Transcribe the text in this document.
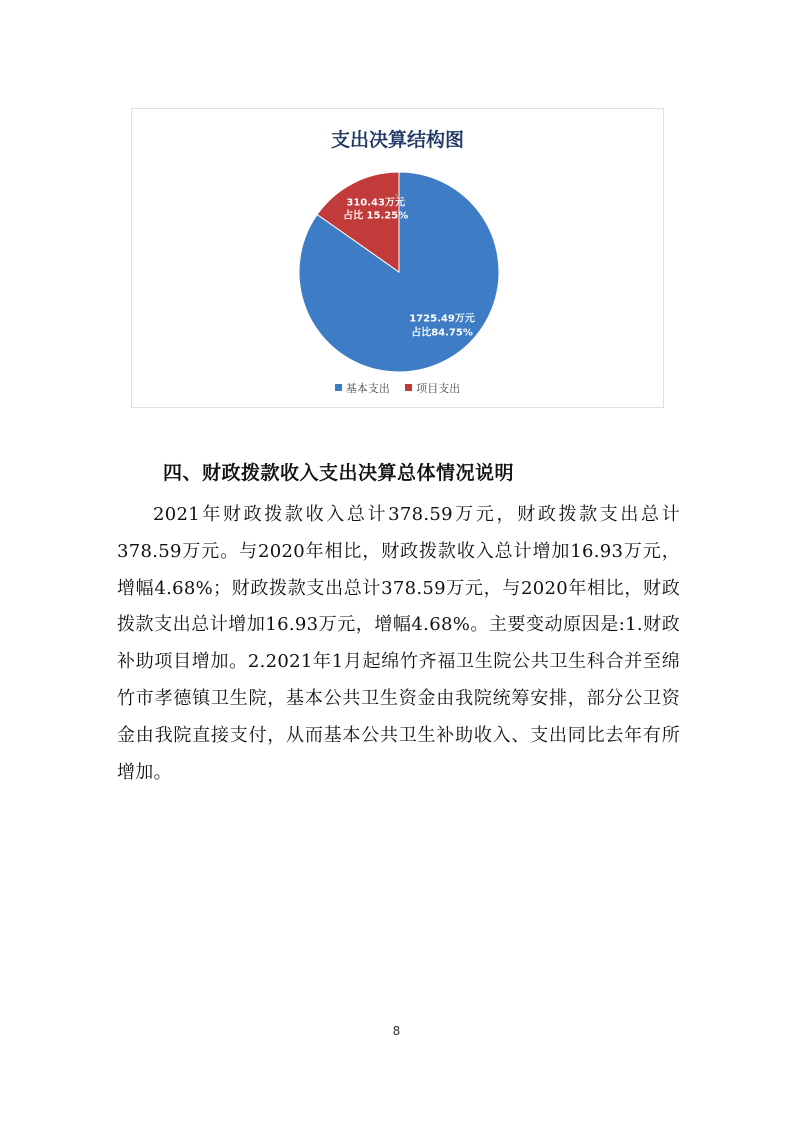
支出决算结构图
1725.49万元
占比84.75%
310.43万元
占比 15.25%
基本支出 项目支出
四、财政拨款收入支出决算总体情况说明
2021年财政拨款收入总计378.59万元，财政拨款支出总计378.59万元。与2020年相比，财政拨款收入总计增加16.93万元，增幅4.68%；财政拨款支出总计378.59万元，与2020年相比，财政拨款支出总计增加16.93万元，增幅4.68%。主要变动原因是:1.财政补助项目增加。2.2021年1月起绵竹齐福卫生院公共卫生科合并至绵竹市孝德镇卫生院，基本公共卫生资金由我院统筹安排，部分公卫资金由我院直接支付，从而基本公共卫生补助收入、支出同比去年有所增加。
8
